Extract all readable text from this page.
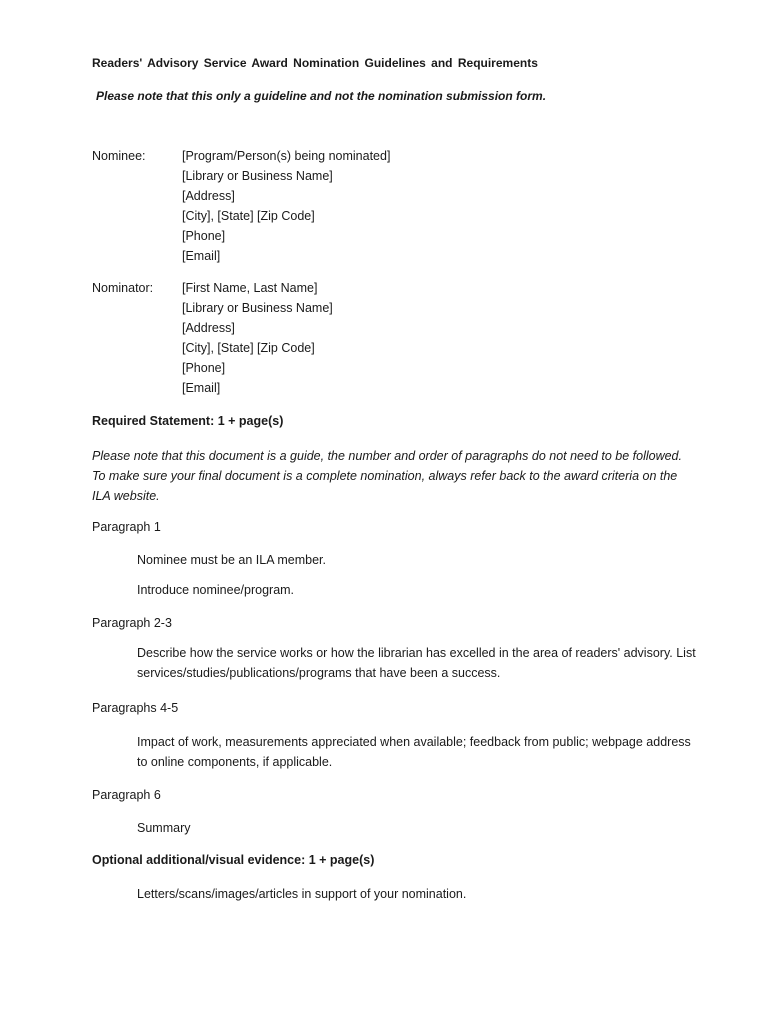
Readers' Advisory Service Award Nomination Guidelines and Requirements
Please note that this only a guideline and not the nomination submission form.
Nominee:	[Program/Person(s) being nominated]
[Library or Business Name]
[Address]
[City], [State] [Zip Code]
[Phone]
[Email]
Nominator: [First Name, Last Name]
[Library or Business Name]
[Address]
[City], [State] [Zip Code]
[Phone]
[Email]
Required Statement: 1 + page(s)
Please note that this document is a guide, the number and order of paragraphs do not need to be followed. To make sure your final document is a complete nomination, always refer back to the award criteria on the ILA website.
Paragraph 1
Nominee must be an ILA member.
Introduce nominee/program.
Paragraph 2-3
Describe how the service works or how the librarian has excelled in the area of readers' advisory. List services/studies/publications/programs that have been a success.
Paragraphs 4-5
Impact of work, measurements appreciated when available; feedback from public; webpage address to online components, if applicable.
Paragraph 6
Summary
Optional additional/visual evidence: 1 + page(s)
Letters/scans/images/articles in support of your nomination.
